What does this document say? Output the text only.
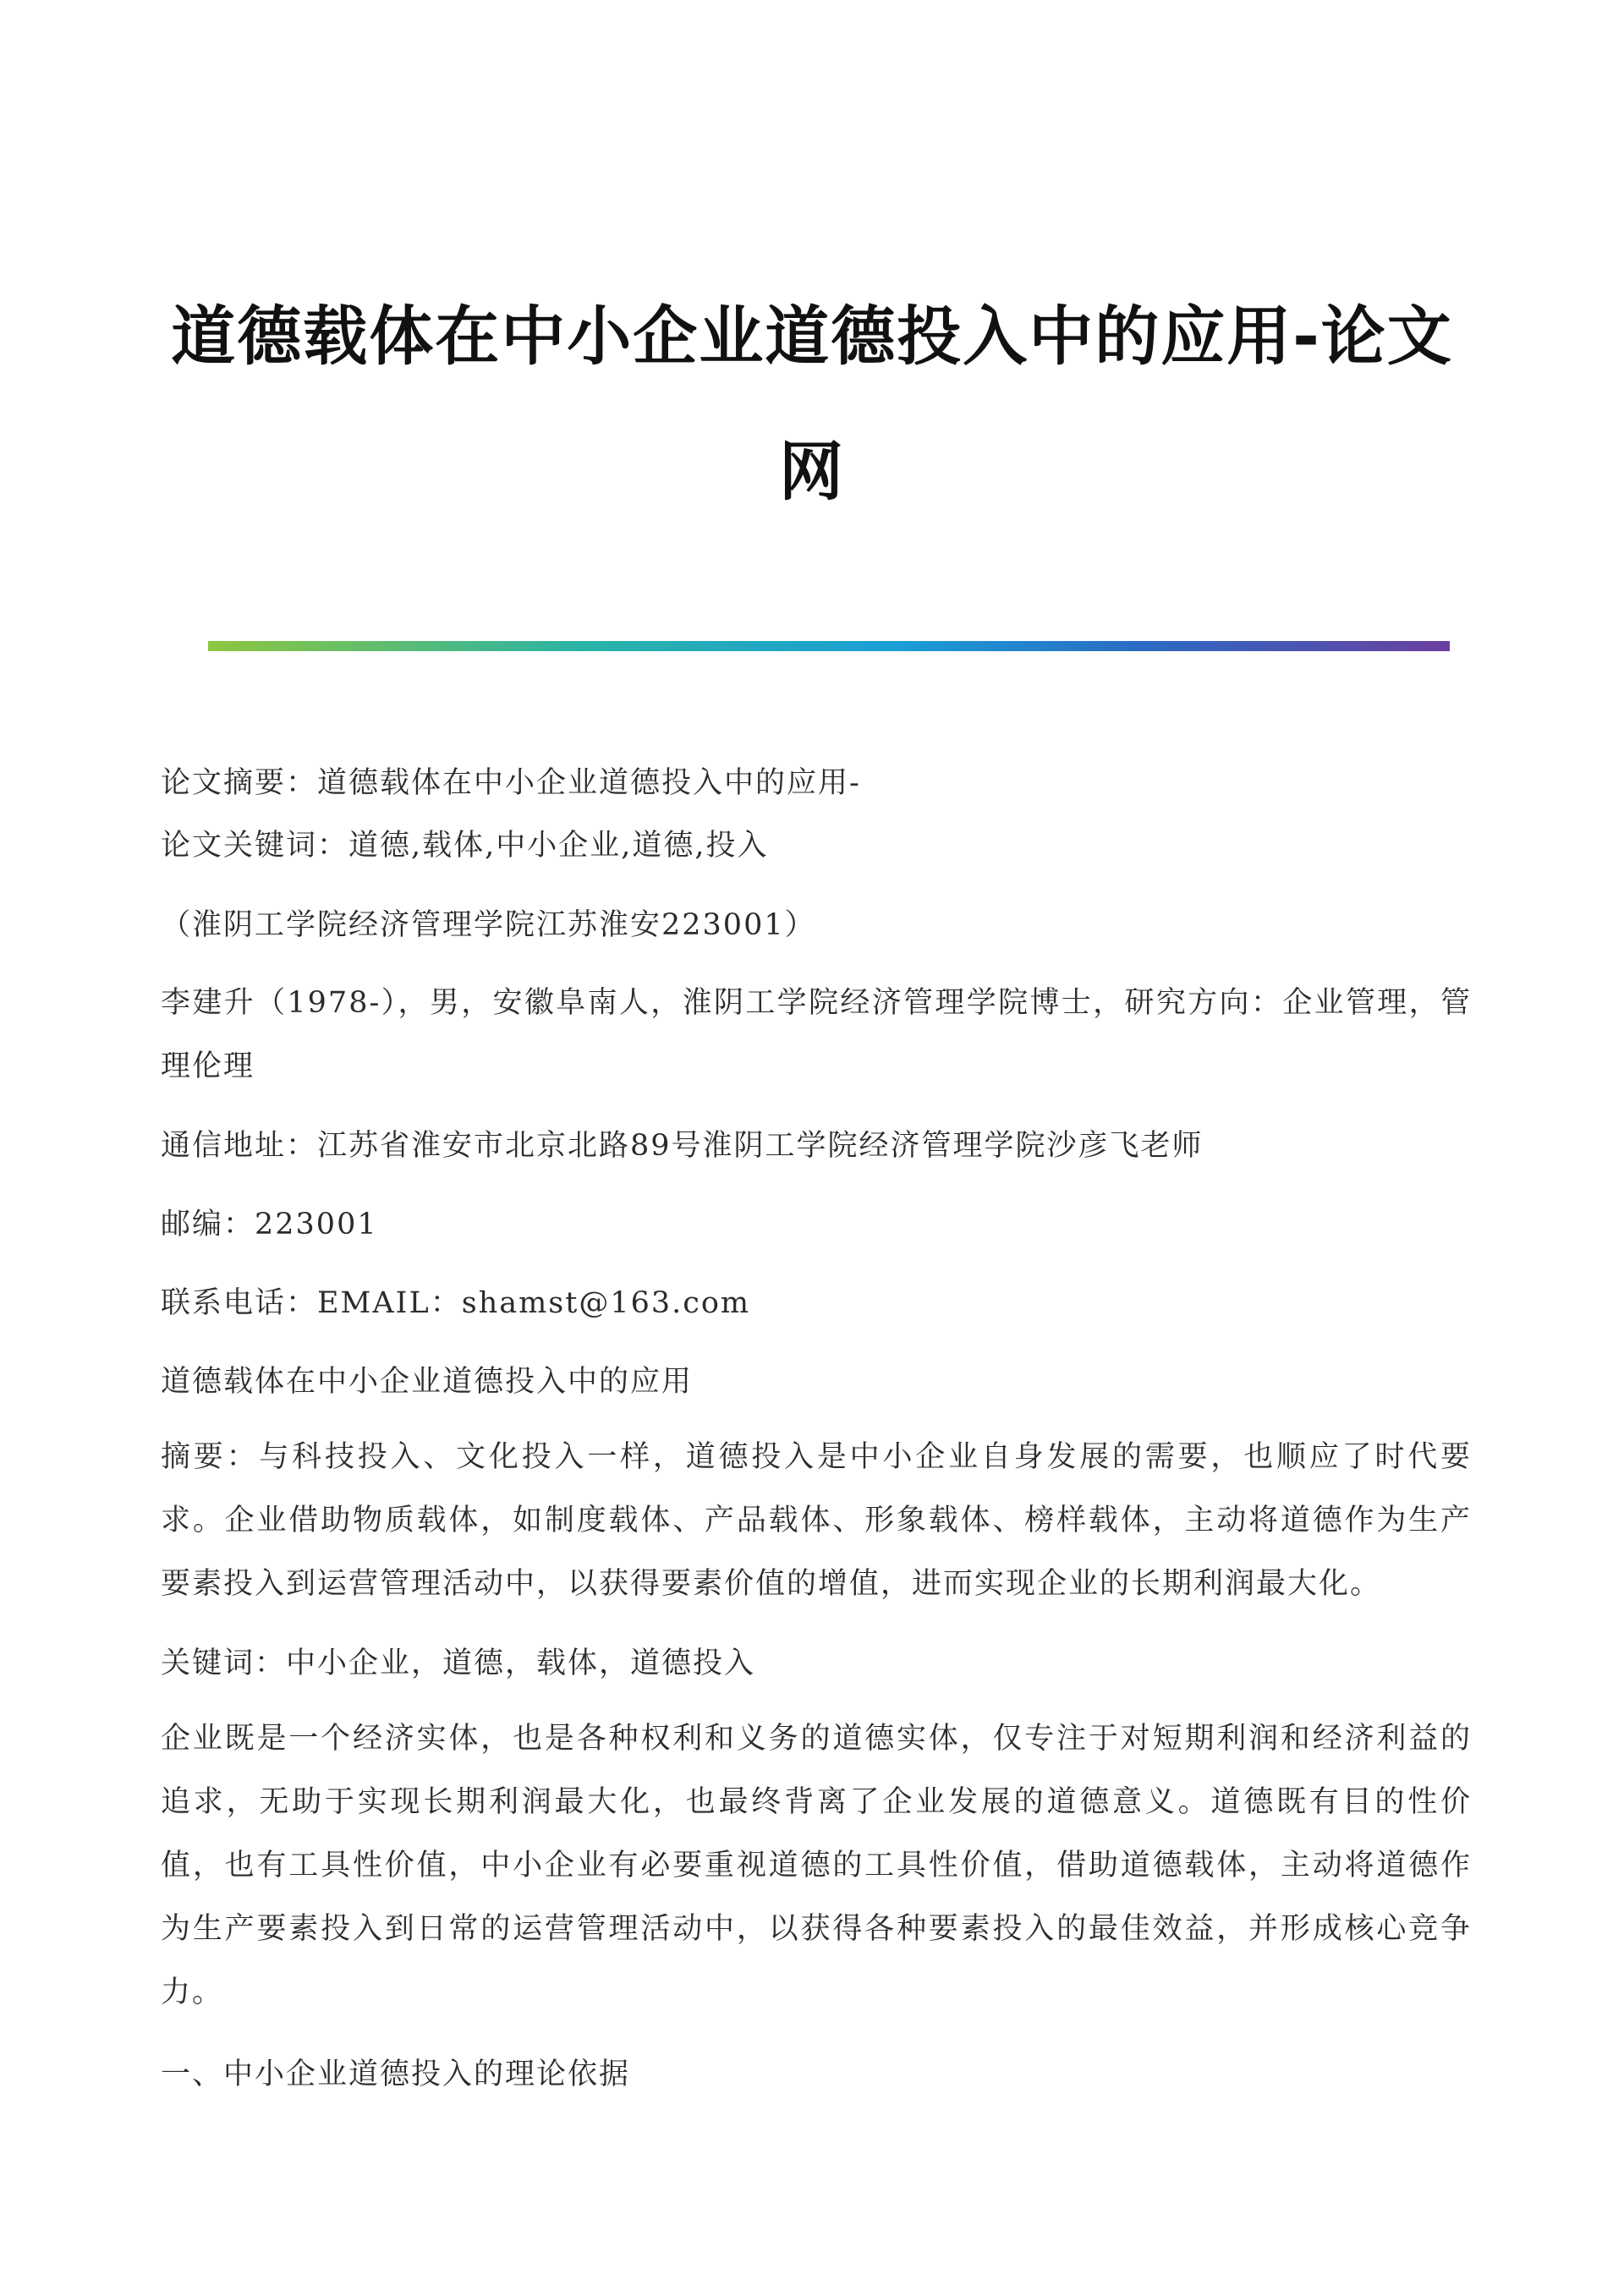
道德载体在中小企业道德投入中的应用-论文网
论文摘要：道德载体在中小企业道德投入中的应用-
论文关键词：道德,载体,中小企业,道德,投入
（淮阴工学院经济管理学院江苏淮安223001）
李建升（1978-），男，安徽阜南人，淮阴工学院经济管理学院博士，研究方向：企业管理，管理伦理
通信地址：江苏省淮安市北京北路89号淮阴工学院经济管理学院沙彦飞老师
邮编：223001
联系电话：EMAIL：shamst@163.com
道德载体在中小企业道德投入中的应用
摘要：与科技投入、文化投入一样，道德投入是中小企业自身发展的需要，也顺应了时代要求。企业借助物质载体，如制度载体、产品载体、形象载体、榜样载体，主动将道德作为生产要素投入到运营管理活动中，以获得要素价值的增值，进而实现企业的长期利润最大化。
关键词：中小企业，道德，载体，道德投入
企业既是一个经济实体，也是各种权利和义务的道德实体，仅专注于对短期利润和经济利益的追求，无助于实现长期利润最大化，也最终背离了企业发展的道德意义。道德既有目的性价值，也有工具性价值，中小企业有必要重视道德的工具性价值，借助道德载体，主动将道德作为生产要素投入到日常的运营管理活动中，以获得各种要素投入的最佳效益，并形成核心竞争力。
一、中小企业道德投入的理论依据
